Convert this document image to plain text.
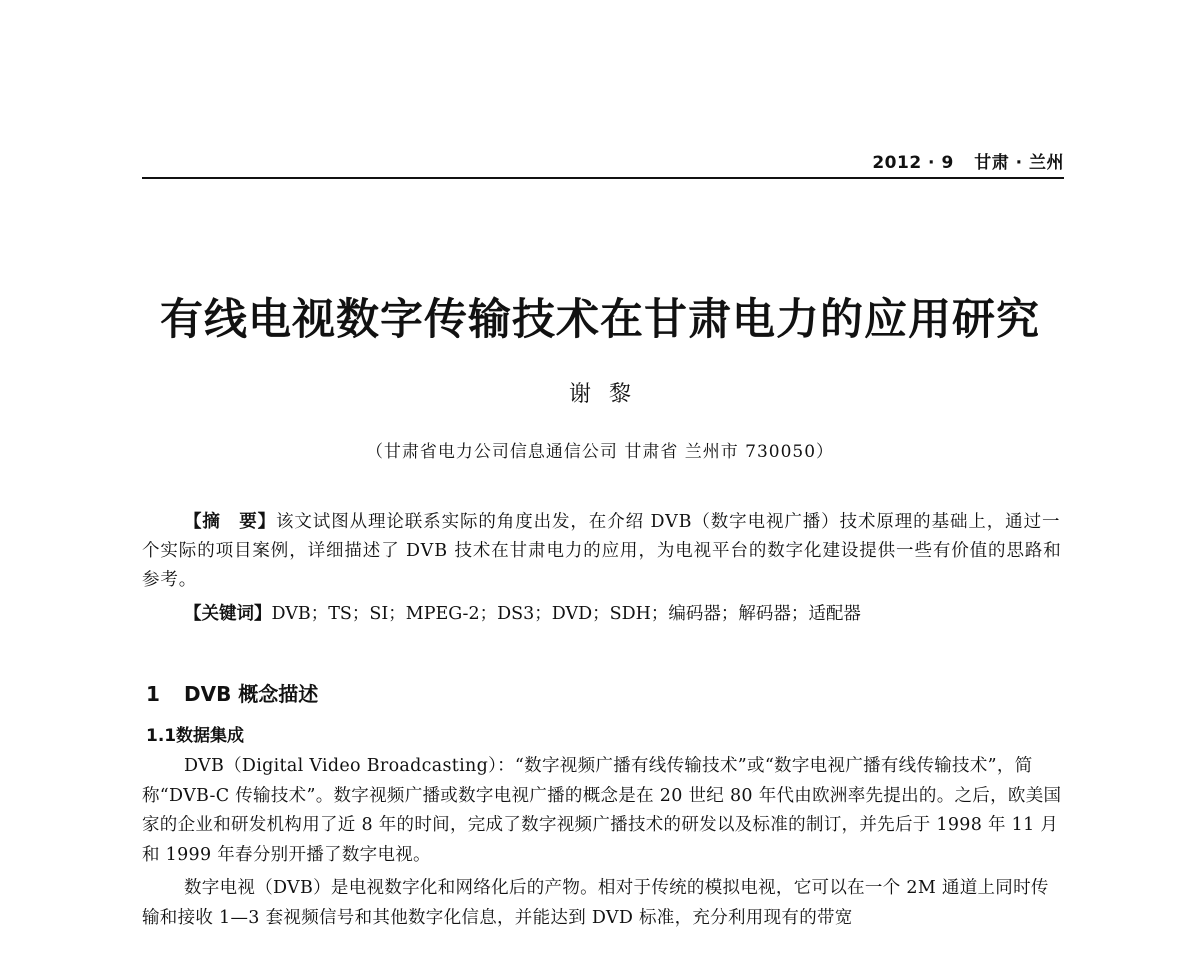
2012 · 9 甘肃 · 兰州
有线电视数字传输技术在甘肃电力的应用研究
谢黎
（甘肃省电力公司信息通信公司 甘肃省 兰州市 730050）

【摘　要】该文试图从理论联系实际的角度出发，在介绍 DVB（数字电视广播）技术原理的基础上，通过一个实际的项目案例，详细描述了 DVB 技术在甘肃电力的应用，为电视平台的数字化建设提供一些有价值的思路和参考。

【关键词】DVB；TS；SI；MPEG-2；DS3；DVD；SDH；编码器；解码器；适配器
1 DVB 概念描述
1.1数据集成

DVB（Digital Video Broadcasting）：“数字视频广播有线传输技术”或“数字电视广播有线传输技术”，简称“DVB-C 传输技术”。数字视频广播或数字电视广播的概念是在 20 世纪 80 年代由欧洲率先提出的。之后，欧美国家的企业和研发机构用了近 8 年的时间，完成了数字视频广播技术的研发以及标准的制订，并先后于 1998 年 11 月和 1999 年春分别开播了数字电视。

数字电视（DVB）是电视数字化和网络化后的产物。相对于传统的模拟电视，它可以在一个 2M 通道上同时传输和接收 1—3 套视频信号和其他数字化信息，并能达到 DVD 标准，充分利用现有的带宽
